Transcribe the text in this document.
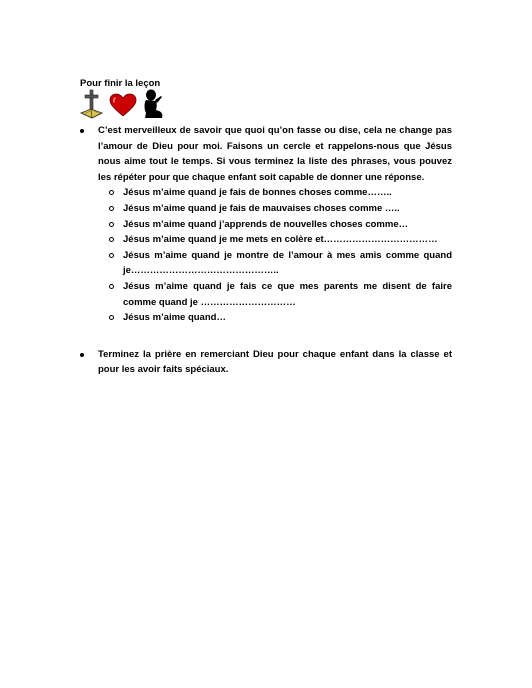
Pour finir la leçon
C’est merveilleux de savoir que quoi qu’on fasse ou dise, cela ne change pas l’amour de Dieu pour moi. Faisons un cercle et rappelons-nous que Jésus nous aime tout le temps. Si vous terminez la liste des phrases, vous pouvez les répéter pour que chaque enfant soit capable de donner une réponse.
Jésus m’aime quand je fais de bonnes choses comme……..
Jésus m’aime quand je fais de mauvaises choses comme …..
Jésus m’aime quand j’apprends de nouvelles choses comme…
Jésus m’aime quand je me mets en colère et………………………………
Jésus m’aime quand je montre de l’amour à mes amis comme quand je………………………………………..
Jésus m’aime quand je fais ce que mes parents me disent de faire comme quand je …………………………
Jésus m’aime quand…
Terminez la prière en remerciant Dieu pour chaque enfant dans la classe et pour les avoir faits spéciaux.
